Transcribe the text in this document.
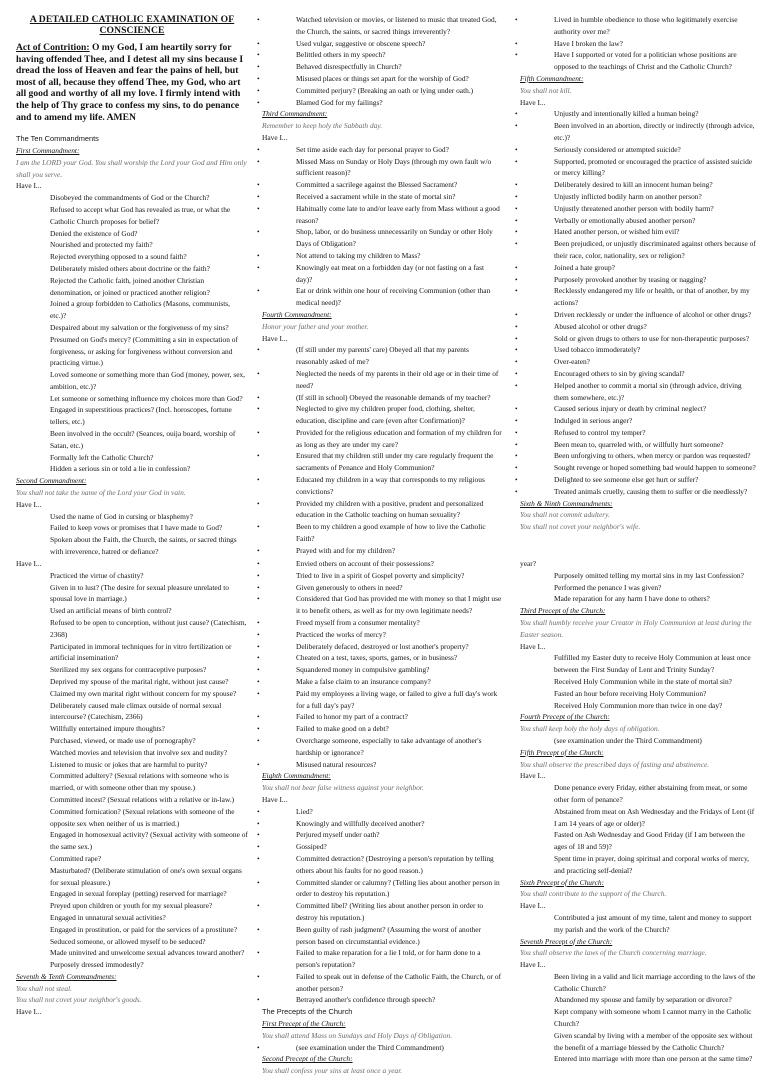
A DETAILED CATHOLIC EXAMINATION OF
CONSCIENCE

Act of Contrition: O my God, I am heartily sorry for having offended Thee, and I detest all my sins because I dread the loss of Heaven and fear the pains of hell, but most of all, because they offend Thee, my God, who art all good and worthy of all my love. I firmly intend with the help of Thy grace to confess my sins, to do penance and to amend my life. AMEN

The Ten Commandments

First Commandment:

I am the LORD your God. You shall worship the Lord your God and Him only shall you serve.

Have I...

Disobeyed the commandments of God or the Church?

Refused to accept what God has revealed as true, or what the Catholic Church proposes for belief?

Denied the existence of God?

Nourished and protected my faith?

Rejected everything opposed to a sound faith?

Deliberately misled others about doctrine or the faith?

Rejected the Catholic faith, joined another Christian denomination, or joined or practiced another religion?

Joined a group forbidden to Catholics (Masons, communists, etc.)?

Despaired about my salvation or the forgiveness of my sins?

Presumed on God's mercy? (Committing a sin in expectation of forgiveness, or asking for forgiveness without conversion and practicing virtue.)

Loved someone or something more than God (money, power, sex, ambition, etc.)?

Let someone or something influence my choices more than God?

Engaged in superstitious practices? (Incl. horoscopes, fortune tellers, etc.)

Been involved in the occult? (Seances, ouija board, worship of Satan, etc.)

Formally left the Catholic Church?

Hidden a serious sin or told a lie in confession?

Second Commandment:

You shall not take the name of the Lord your God in vain.

Have I...

Used the name of God in cursing or blasphemy?

Failed to keep vows or promises that I have made to God?

Spoken about the Faith, the Church, the saints, or sacred things with irreverence, hatred or defiance?

• Watched television or movies, or listened to music that treated God, the Church, the saints, or sacred things irreverently?

• Used vulgar, suggestive or obscene speech?

• Belittled others in my speech?

• Behaved disrespectfully in Church?

• Misused places or things set apart for the worship of God?

• Committed perjury? (Breaking an oath or lying under oath.)

• Blamed God for my failings?

Third Commandment:

Remember to keep holy the Sabbath day.

Have I...

• Set time aside each day for personal prayer to God?

• Missed Mass on Sunday or Holy Days (through my own fault w/o sufficient reason)?

• Committed a sacrilege against the Blessed Sacrament?

• Received a sacrament while in the state of mortal sin?

• Habitually come late to and/or leave early from Mass without a good reason?

• Shop, labor, or do business unnecessarily on Sunday or other Holy Days of Obligation?

• Not attend to taking my children to Mass?

• Knowingly eat meat on a forbidden day (or not fasting on a fast day)?

• Eat or drink within one hour of receiving Communion (other than medical need)?

Fourth Commandment:

Honor your father and your mother.

Have I...

• (If still under my parents' care) Obeyed all that my parents reasonably asked of me?

• Neglected the needs of my parents in their old age or in their time of need?

• (If still in school) Obeyed the reasonable demands of my teacher?

• Neglected to give my children proper food, clothing, shelter, education, discipline and care (even after Confirmation)?

• Provided for the religious education and formation of my children for as long as they are under my care?

• Ensured that my children still under my care regularly frequent the sacraments of Penance and Holy Communion?

• Educated my children in a way that corresponds to my religious convictions?

• Provided my children with a positive, prudent and personalized education in the Catholic teaching on human sexuality?

• Been to my children a good example of how to live the Catholic Faith?

• Prayed with and for my children?

• Lived in humble obedience to those who legitimately exercise authority over me?

• Have I broken the law?

• Have I supported or voted for a politician whose positions are opposed to the teachings of Christ and the Catholic Church?

Fifth Commandment:

You shall not kill.

Have I...

• Unjustly and intentionally killed a human being?

• Been involved in an abortion, directly or indirectly (through advice, etc.)?

• Seriously considered or attempted suicide?

• Supported, promoted or encouraged the practice of assisted suicide or mercy killing?

• Deliberately desired to kill an innocent human being?

• Unjustly inflicted bodily harm on another person?

• Unjustly threatened another person with bodily harm?

• Verbally or emotionally abused another person?

• Hated another person, or wished him evil?

• Been prejudiced, or unjustly discriminated against others because of their race, color, nationality, sex or religion?

• Joined a hate group?

• Purposely provoked another by teasing or nagging?

• Recklessly endangered my life or health, or that of another, by my actions?

• Driven recklessly or under the influence of alcohol or other drugs?

• Abused alcohol or other drugs?

• Sold or given drugs to others to use for non-therapeutic purposes?

• Used tobacco immoderately?

• Over-eaten?

• Encouraged others to sin by giving scandal?

• Helped another to commit a mortal sin (through advice, driving them somewhere, etc.)?

• Caused serious injury or death by criminal neglect?

• Indulged in serious anger?

• Refused to control my temper?

• Been mean to, quarreled with, or willfully hurt someone?

• Been unforgiving to others, when mercy or pardon was requested?

• Sought revenge or hoped something bad would happen to someone?

• Delighted to see someone else get hurt or suffer?

• Treated animals cruelly, causing them to suffer or die needlessly?

Sixth & Ninth Commandments:

You shall not commit adultery.

You shall not covet your neighbor's wife.

Have I...

Practiced the virtue of chastity?

Given in to lust? (The desire for sexual pleasure unrelated to spousal love in marriage.)

Used an artificial means of birth control?

Refused to be open to conception, without just cause? (Catechism, 2368)

Participated in immoral techniques for in vitro fertilization or artificial insemination?

Sterilized my sex organs for contraceptive purposes?

Deprived my spouse of the marital right, without just cause?

Claimed my own marital right without concern for my spouse?

Deliberately caused male climax outside of normal sexual intercourse? (Catechism, 2366)

Willfully entertained impure thoughts?

Purchased, viewed, or made use of pornography?

Watched movies and television that involve sex and nudity?

Listened to music or jokes that are harmful to purity?

Committed adultery? (Sexual relations with someone who is married, or with someone other than my spouse.)

Committed incest? (Sexual relations with a relative or in-law.)

Committed fornication? (Sexual relations with someone of the opposite sex when neither of us is married.)

Engaged in homosexual activity? (Sexual activity with someone of the same sex.)

Committed rape?

Masturbated? (Deliberate stimulation of one's own sexual organs for sexual pleasure.)

Engaged in sexual foreplay (petting) reserved for marriage?

Preyed upon children or youth for my sexual pleasure?

Engaged in unnatural sexual activities?

Engaged in prostitution, or paid for the services of a prostitute?

Seduced someone, or allowed myself to be seduced?

Made uninvited and unwelcome sexual advances toward another?

Purposely dressed immodestly?

Seventh & Tenth Commandments:

You shall not steal.

You shall not covet your neighbor's goods.

Have I...

• Envied others on account of their possessions?

• Tried to live in a spirit of Gospel poverty and simplicity?

• Given generously to others in need?

• Considered that God has provided me with money so that I might use it to benefit others, as well as for my own legitimate needs?

• Freed myself from a consumer mentality?

• Practiced the works of mercy?

• Deliberately defaced, destroyed or lost another's property?

• Cheated on a test, taxes, sports, games, or in business?

• Squandered money in compulsive gambling?

• Make a false claim to an insurance company?

• Paid my employees a living wage, or failed to give a full day's work for a full day's pay?

• Failed to honor my part of a contract?

• Failed to make good on a debt?

• Overcharge someone, especially to take advantage of another's hardship or ignorance?

• Misused natural resources?

Eighth Commandment:

You shall not bear false witness against your neighbor.

Have I...

• Lied?

• Knowingly and willfully deceived another?

• Perjured myself under oath?

• Gossiped?

• Committed detraction? (Destroying a person's reputation by telling others about his faults for no good reason.)

• Committed slander or calumny? (Telling lies about another person in order to destroy his reputation.)

• Committed libel? (Writing lies about another person in order to destroy his reputation.)

• Been guilty of rash judgment? (Assuming the worst of another person based on circumstantial evidence.)

• Failed to make reparation for a lie I told, or for harm done to a person's reputation?

• Failed to speak out in defense of the Catholic Faith, the Church, or of another person?

• Betrayed another's confidence through speech?

The Precepts of the Church

First Precept of the Church:

You shall attend Mass on Sundays and Holy Days of Obligation.

• (see examination under the Third Commandment)

Second Precept of the Church:

You shall confess your sins at least once a year.

year?

Purposely omitted telling my mortal sins in my last Confession?

Performed the penance I was given?

Made reparation for any harm I have done to others?

Third Precept of the Church:

You shall humbly receive your Creator in Holy Communion at least during the Easter season.

Have I...

Fulfilled my Easter duty to receive Holy Communion at least once between the First Sunday of Lent and Trinity Sunday?

Received Holy Communion while in the state of mortal sin?

Fasted an hour before receiving Holy Communion?

Received Holy Communion more than twice in one day?

Fourth Precept of the Church:

You shall keep holy the holy days of obligation.

(see examination under the Third Commandment)

Fifth Precept of the Church:

You shall observe the prescribed days of fasting and abstinence.

Have I...

Done penance every Friday, either abstaining from meat, or some other form of penance?

Abstained from meat on Ash Wednesday and the Fridays of Lent (if I am 14 years of age or older)?

Fasted on Ash Wednesday and Good Friday (if I am between the ages of 18 and 59)?

Spent time in prayer, doing spiritual and corporal works of mercy, and practicing self-denial?

Sixth Precept of the Church:

You shall contribute to the support of the Church.

Have I...

Contributed a just amount of my time, talent and money to support my parish and the work of the Church?

Seventh Precept of the Church:

You shall observe the laws of the Church concerning marriage.

Have I...

Been living in a valid and licit marriage according to the laws of the Catholic Church?

Abandoned my spouse and family by separation or divorce?

Kept company with someone whom I cannot marry in the Catholic Church?

Given scandal by living with a member of the opposite sex without the benefit of a marriage blessed by the Catholic Church?

Entered into marriage with more than one person at the same time?
